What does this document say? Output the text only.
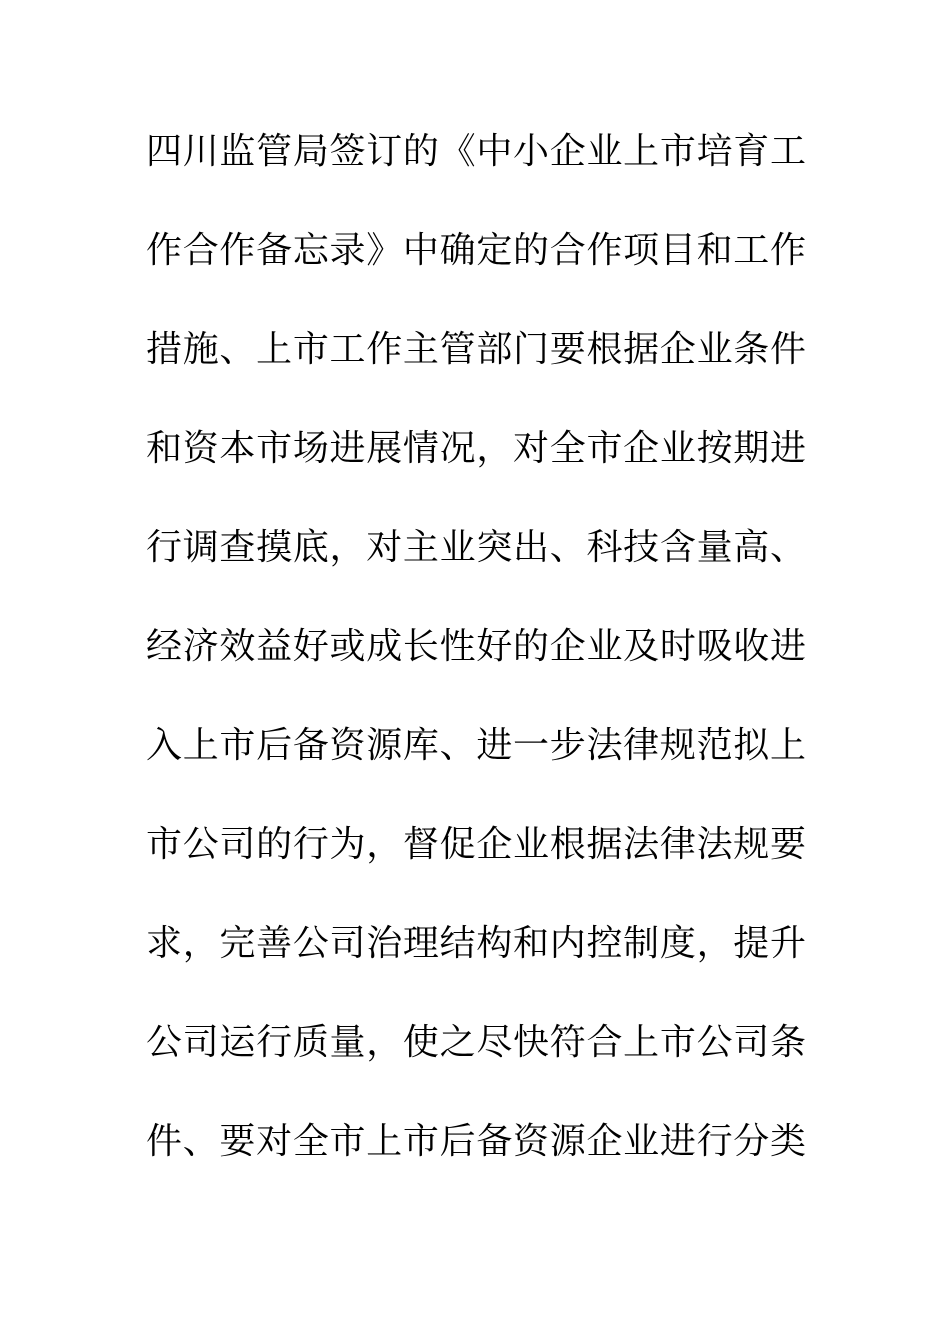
四川监管局签订的《中小企业上市培育工
作合作备忘录》中确定的合作项目和工作
措施、上市工作主管部门要根据企业条件
和资本市场进展情况，对全市企业按期进
行调查摸底，对主业突出、科技含量高、
经济效益好或成长性好的企业及时吸收进
入上市后备资源库、进一步法律规范拟上
市公司的行为，督促企业根据法律法规要
求，完善公司治理结构和内控制度，提升
公司运行质量，使之尽快符合上市公司条
件、要对全市上市后备资源企业进行分类
